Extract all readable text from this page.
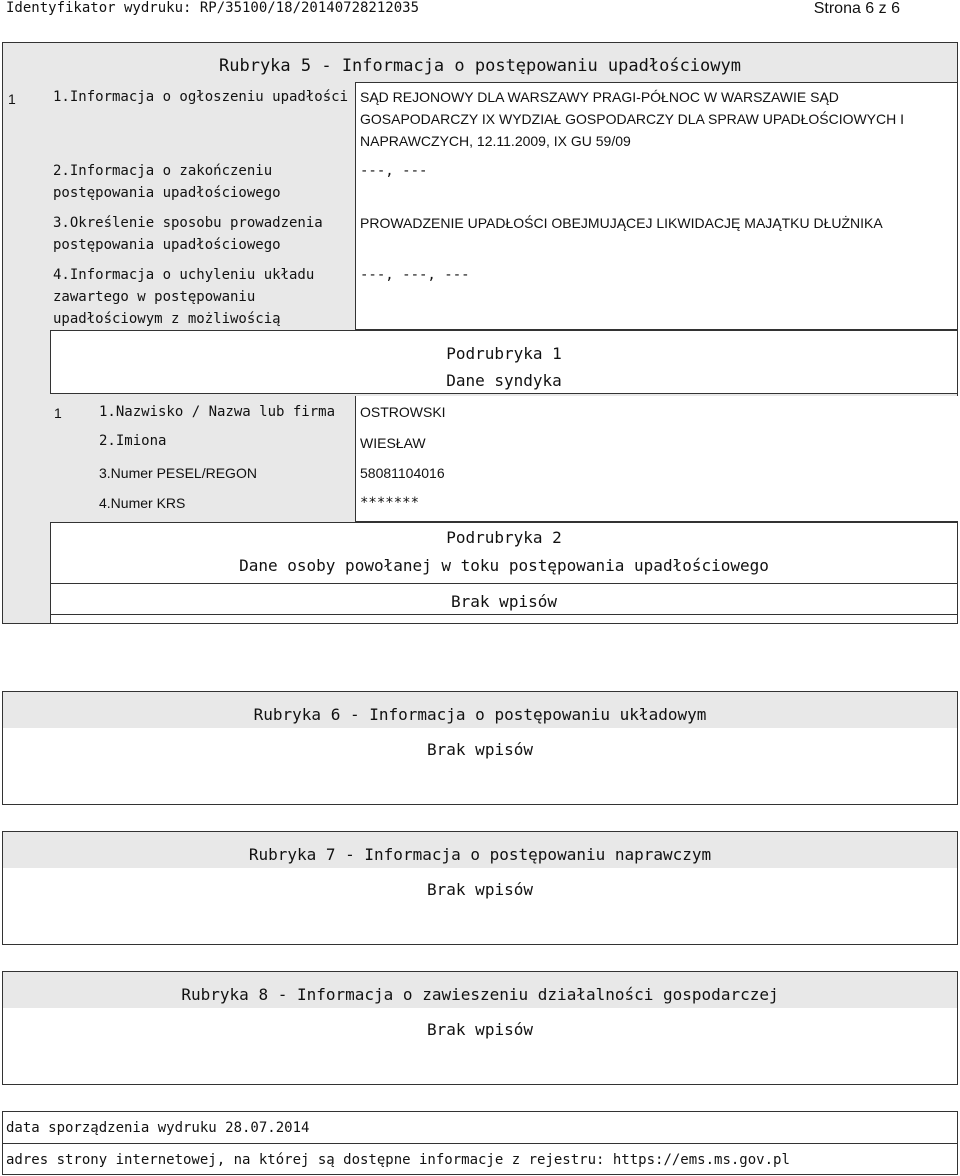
Identyfikator wydruku: RP/35100/18/20140728212035	Strona 6 z 6
Rubryka 5 - Informacja o postępowaniu upadłościowym
1	1.Informacja o ogłoszeniu upadłości SĄD REJONOWY DLA WARSZAWY PRAGI-PÓŁNOC W WARSZAWIE SĄD GOSAPODARCZY IX WYDZIAŁ GOSPODARCZY DLA SPRAW UPADŁOŚCIOWYCH I NAPRAWCZYCH, 12.11.2009, IX GU 59/09
2.Informacja o zakończeniu postępowania upadłościowego
---, ---
3.Określenie sposobu prowadzenia postępowania upadłościowego
PROWADZENIE UPADŁOŚCI OBEJMUJĄCEJ LIKWIDACJĘ MAJĄTKU DŁUŻNIKA
4.Informacja o uchyleniu układu zawartego w postępowaniu upadłościowym z możliwością
---, ---, ---
Podrubryka 1
Dane syndyka
1	1.Nazwisko / Nazwa lub firma OSTROWSKI
2.Imiona	WIESŁAW
3.Numer PESEL/REGON	58081104016
4.Numer KRS	*******
Podrubryka 2
Dane osoby powołanej w toku postępowania upadłościowego
Brak wpisów
Rubryka 6 - Informacja o postępowaniu układowym
Brak wpisów
Rubryka 7 - Informacja o postępowaniu naprawczym
Brak wpisów
Rubryka 8 - Informacja o zawieszeniu działalności gospodarczej
Brak wpisów
data sporządzenia wydruku 28.07.2014
adres strony internetowej, na której są dostępne informacje z rejestru: https://ems.ms.gov.pl
